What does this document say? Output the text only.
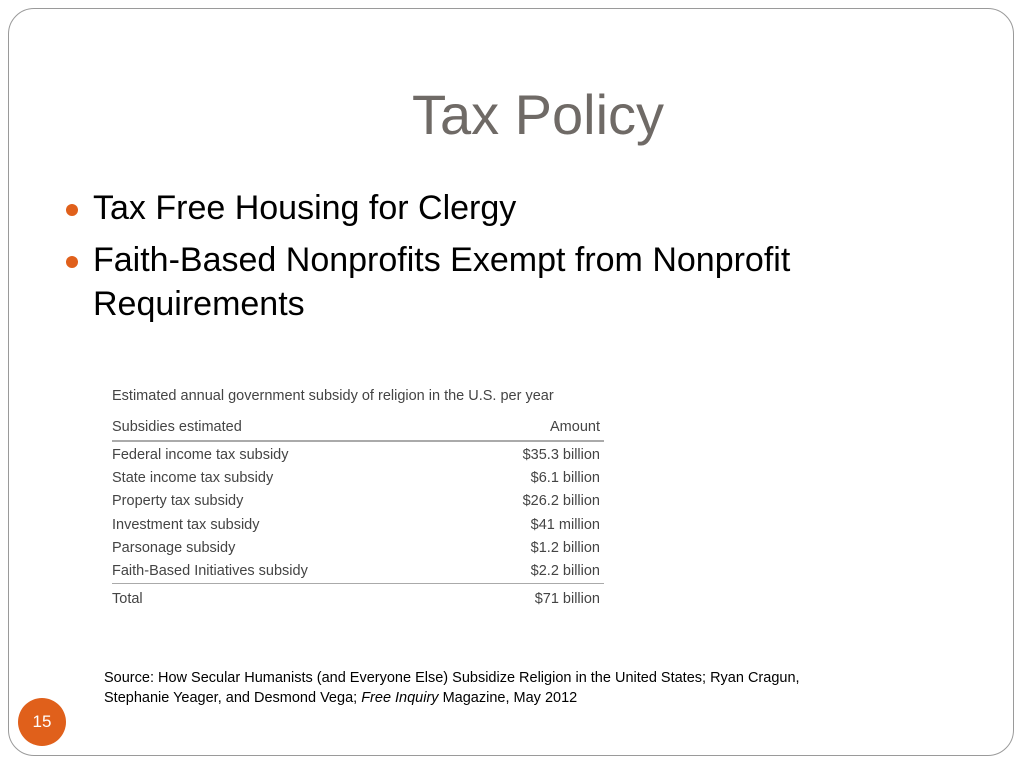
Tax Policy
Tax Free Housing for Clergy
Faith-Based Nonprofits Exempt from Nonprofit Requirements
Estimated annual government subsidy of religion in the U.S. per year
Subsidies estimated	Amount
Federal income tax subsidy	$35.3 billion
State income tax subsidy	$6.1 billion
Property tax subsidy	$26.2 billion
Investment tax subsidy	$41 million
Parsonage subsidy	$1.2 billion
Faith-Based Initiatives subsidy	$2.2 billion
Total	$71 billion
Source: How Secular Humanists (and Everyone Else) Subsidize Religion in the United States; Ryan Cragun, Stephanie Yeager, and Desmond Vega; Free Inquiry Magazine, May 2012
15
